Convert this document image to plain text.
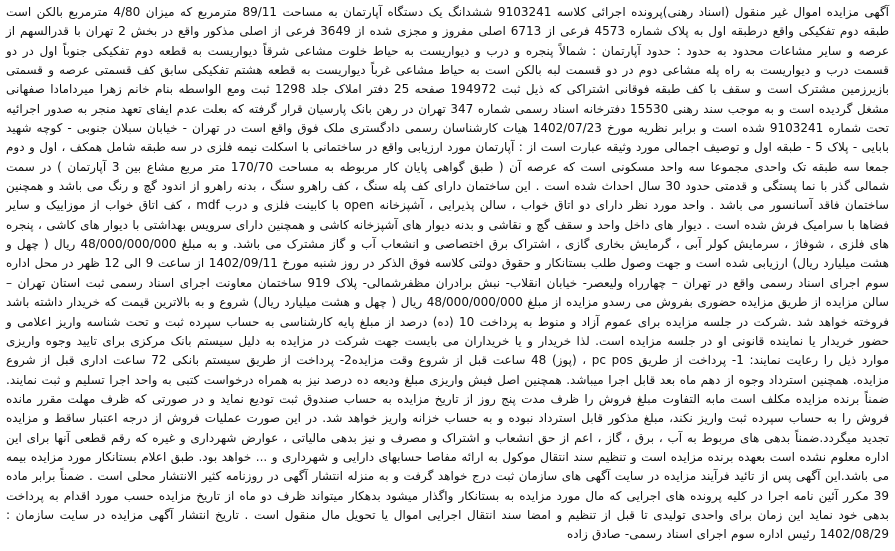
آگهی مزایده اموال غیر منقول (اسناد رهنی)پرونده اجرائی کلاسه 9103241 ششدانگ یک دستگاه آپارتمان به مساحت 89/11 مترمربع که میزان 4/80 مترمربع بالکن است طبقه دوم تفکیکی واقع درطبقه اول به پلاک شماره 4573 فرعی از 6713 اصلی مفروز و مجزی شده از 3649 فرعی از اصلی مذکور واقع در بخش 2 تهران با قدرالسهم از عرصه و سایر مشاعات محدود به حدود : حدود آپارتمان : شمالاً پنجره و درب و دیواریست به حیاط خلوت مشاعی شرقاً دیواریست به قطعه دوم تفکیکی جنوباً اول در دو قسمت درب و دیواریست به راه پله مشاعی دوم در دو قسمت لبه بالکن است به حیاط مشاعی غرباً دیواریست به قطعه هشتم تفکیکی سابق کف قسمتی عرصه و قسمتی بازیرزمین مشترک است و سقف با کف طبقه فوقانی اشتراکی که ذیل ثبت 194972 صفحه 25 دفتر املاک جلد 1298 ثبت ومع الواسطه بنام خانم زهرا میردامادا صفهانی مشغل گردیده است و به موجب سند رهنی 15530 دفترخانه اسناد رسمی شماره 347 تهران در رهن بانک پارسیان قرار گرفته که بعلت عدم ایفای تعهد منجر به صدور اجرائیه تحت شماره 9103241 شده است و برابر نظریه مورخ 1402/07/23 هیات کارشناسان رسمی دادگستری ملک فوق واقع است در تهران - خیابان سبلان جنوبی - کوچه شهید بابایی - پلاک 5 - طبقه اول و توصیف اجمالی مورد وثیقه عبارت است از : آپارتمان مورد ارزیابی واقع در ساختمانی با اسکلت نیمه فلزی در سه طبقه شامل همکف ، اول و دوم جمعا سه طبقه تک واحدی مجموعا سه واحد مسکونی است که عرصه آن ( طبق گواهی پایان کار مربوطه به مساحت 170/70 متر مربع مشاع بین 3 آپارتمان ) در سمت شمالی گذر با نما پستگی و قدمتی حدود 30 سال احداث شده است . این ساختمان دارای کف پله سنگ ، کف راهرو سنگ ، بدنه راهرو از اندود گچ و رنگ می باشد و همچنین ساختمان فاقد آسانسور می باشد . واحد مورد نظر دارای دو اتاق خواب ، سالن پذیرایی ، آشپزخانه open با کابینت فلزی و درب mdf ، کف اتاق خواب از موزاییک و سایر فضاها با سرامیک فرش شده است . دیوار های داخل واحد و سقف گچ و نقاشی و بدنه دیوار های آشپزخانه کاشی و همچنین دارای سرویس بهداشتی با دیوار های کاشی ، پنجره های فلزی ، شوفاژ ، سرمایش کولر آبی ، گرمایش بخاری گازی ، اشتراک برق اختصاصی و انشعاب آب و گاز مشترک می باشد. و به مبلغ 48/000/000/000 ریال ( چهل و هشت میلیارد ریال) ارزیابی شده است و جهت وصول طلب بستانکار و حقوق دولتی کلاسه فوق الذکر در روز شنبه مورخ 1402/09/11 از ساعت 9 الی 12 ظهر در محل اداره سوم اجرای اسناد رسمی واقع در تهران – چهارراه ولیعصر- خیابان انقلاب- نبش برادران مظفرشمالی- پلاک 919 ساختمان معاونت اجرای اسناد رسمی ثبت استان تهران – سالن مزایده از طریق مزایده حضوری بفروش می رسدو مزایده از مبلغ 48/000/000/000 ریال ( چهل و هشت میلیارد ریال) شروع و به بالاترین قیمت که خریدار داشته باشد فروخته خواهد شد .شرکت در جلسه مزایده برای عموم آزاد و منوط به پرداخت 10 (ده) درصد از مبلغ پایه کارشناسی به حساب سپرده ثبت و تحت شناسه واریز اعلامی و حضور خریدار یا نماینده قانونی او در جلسه مزایده است. لذا خریدار و یا خریداران می بایست جهت شرکت در مزایده به دلیل سیستم بانک مرکزی برای تایید وجوه واریزی موارد ذیل را رعایت نمایند: 1- پرداخت از طریق pc pos ، (پوز) 48 ساعت قبل از شروع وقت مزایده2- پرداخت از طریق سیستم بانکی 72 ساعت اداری قبل از شروع مزایده. همچنین استرداد وجوه از دهم ماه بعد قابل اجرا میباشد. همچنین اصل فیش واریزی مبلغ ودیعه ده درصد نیز به همراه درخواست کتبی به واحد اجرا تسلیم و ثبت نمایند. ضمناً برنده مزایده مکلف است مابه التفاوت مبلغ فروش را ظرف مدت پنج روز از تاریخ مزایده به حساب صندوق ثبت تودیع نماید و در صورتی که ظرف مهلت مقرر مانده فروش را به حساب سپرده ثبت واریز نکند، مبلغ مذکور قابل استرداد نبوده و به حساب خزانه واریز خواهد شد. در این صورت عملیات فروش از درجه اعتبار ساقط و مزایده تجدید میگردد.ضمناً بدهی های مربوط به آب ، برق ، گاز ، اعم از حق انشعاب و اشتراک و مصرف و نیز بدهی مالیاتی ، عوارض شهرداری و غیره که رقم قطعی آنها برای این اداره معلوم نشده است بعهده برنده مزایده است و تنظیم سند انتقال موکول به ارائه مفاصا حسابهای دارایی و شهرداری و ... خواهد بود. طبق اعلام بستانکار مورد مزایده بیمه می باشد.این آگهی پس از تائید فرآیند مزایده در سایت آگهی های سازمان ثبت درج خواهد گرفت و به منزله انتشار آگهی در روزنامه کثیر الانتشار محلی است . ضمناً برابر ماده 39 مکرر آئین نامه اجرا در کلیه پرونده های اجرایی که مال مورد مزایده به بستانکار واگذار میشود بدهکار میتواند ظرف دو ماه از تاریخ مزایده حسب مورد اقدام به پرداخت بدهی خود نماید این زمان برای واحدی تولیدی تا قبل از تنظیم و امضا سند انتقال اجرایی اموال یا تحویل مال منقول است . تاریخ انتشار آگهی مزایده در سایت سازمان : 1402/08/29 رئیس اداره سوم اجرای اسناد رسمی- صادق زاده
